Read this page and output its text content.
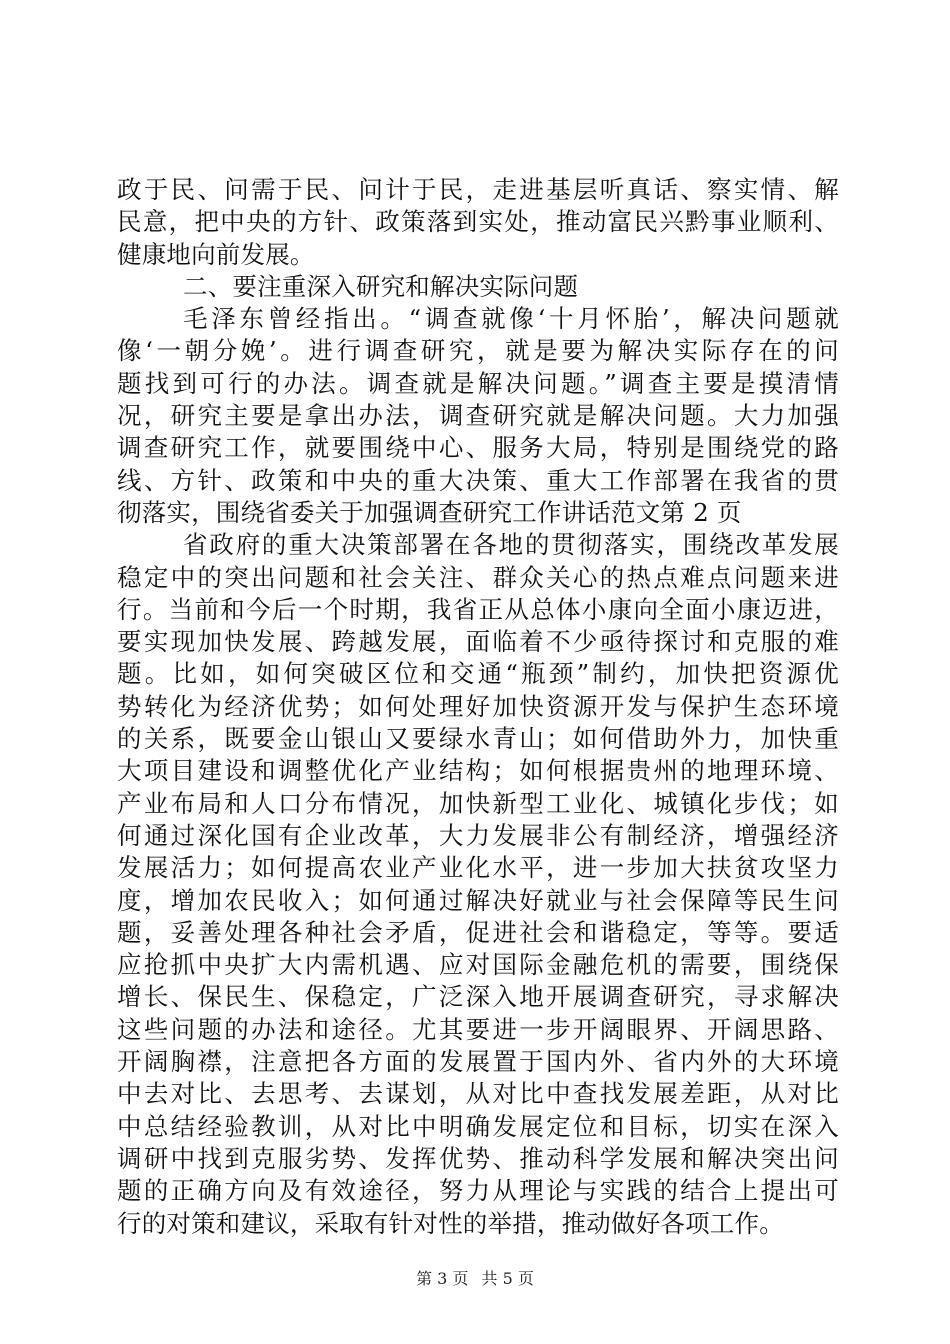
政于民、问需于民、问计于民，走进基层听真话、察实情、解
民意，把中央的方针、政策落到实处，推动富民兴黔事业顺利、
健康地向前发展。
二、要注重深入研究和解决实际问题
毛泽东曾经指出。“调查就像‘十月怀胎’，解决问题就
像‘一朝分娩’。进行调查研究，就是要为解决实际存在的问
题找到可行的办法。调查就是解决问题。”调查主要是摸清情
况，研究主要是拿出办法，调查研究就是解决问题。大力加强
调查研究工作，就要围绕中心、服务大局，特别是围绕党的路
线、方针、政策和中央的重大决策、重大工作部署在我省的贯
彻落实，围绕省委关于加强调查研究工作讲话范文第 2 页
省政府的重大决策部署在各地的贯彻落实，围绕改革发展
稳定中的突出问题和社会关注、群众关心的热点难点问题来进
行。当前和今后一个时期，我省正从总体小康向全面小康迈进，
要实现加快发展、跨越发展，面临着不少亟待探讨和克服的难
题。比如，如何突破区位和交通“瓶颈”制约，加快把资源优
势转化为经济优势；如何处理好加快资源开发与保护生态环境
的关系，既要金山银山又要绿水青山；如何借助外力，加快重
大项目建设和调整优化产业结构；如何根据贵州的地理环境、
产业布局和人口分布情况，加快新型工业化、城镇化步伐；如
何通过深化国有企业改革，大力发展非公有制经济，增强经济
发展活力；如何提高农业产业化水平，进一步加大扶贫攻坚力
度，增加农民收入；如何通过解决好就业与社会保障等民生问
题，妥善处理各种社会矛盾，促进社会和谐稳定，等等。要适
应抢抓中央扩大内需机遇、应对国际金融危机的需要，围绕保
增长、保民生、保稳定，广泛深入地开展调查研究，寻求解决
这些问题的办法和途径。尤其要进一步开阔眼界、开阔思路、
开阔胸襟，注意把各方面的发展置于国内外、省内外的大环境
中去对比、去思考、去谋划，从对比中查找发展差距，从对比
中总结经验教训，从对比中明确发展定位和目标，切实在深入
调研中找到克服劣势、发挥优势、推动科学发展和解决突出问
题的正确方向及有效途径，努力从理论与实践的结合上提出可
行的对策和建议，采取有针对性的举措，推动做好各项工作。
第 3 页 共 5 页
